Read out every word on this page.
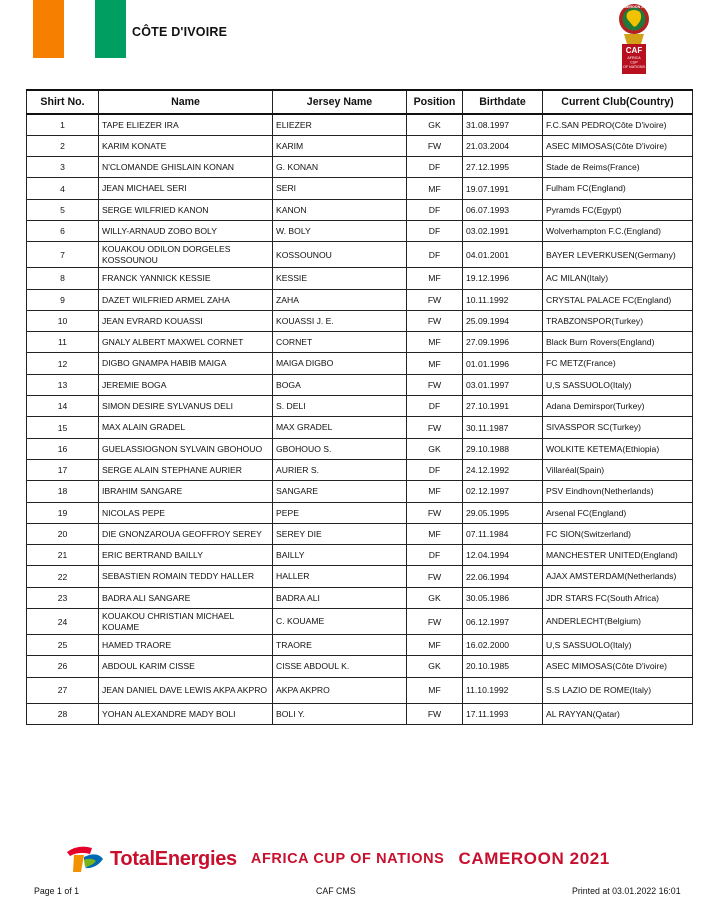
CÔTE D'IVOIRE
CAMEROON 2021
CAF
AFRICA
CUP
OF NATIONS
Shirt No.	Name	Jersey Name	Position	Birthdate	Current Club(Country)
1	TAPE ELIEZER IRA	ELIEZER	GK	31.08.1997	F.C.SAN PEDRO(Côte D'ivoire)
2	KARIM KONATE	KARIM	FW	21.03.2004	ASEC MIMOSAS(Côte D'ivoire)
3	N'CLOMANDE GHISLAIN KONAN	G. KONAN	DF	27.12.1995	Stade de Reims(France)
4	JEAN MICHAEL SERI	SERI	MF	19.07.1991	Fulham FC(England)
5	SERGE WILFRIED KANON	KANON	DF	06.07.1993	Pyramds FC(Egypt)
6	WILLY-ARNAUD ZOBO BOLY	W. BOLY	DF	03.02.1991	Wolverhampton F.C.(England)
7	KOUAKOU ODILON DORGELES KOSSOUNOU	KOSSOUNOU	DF	04.01.2001	BAYER LEVERKUSEN(Germany)
8	FRANCK YANNICK KESSIE	KESSIE	MF	19.12.1996	AC MILAN(Italy)
9	DAZET WILFRIED ARMEL ZAHA	ZAHA	FW	10.11.1992	CRYSTAL PALACE FC(England)
10	JEAN EVRARD KOUASSI	KOUASSI J. E.	FW	25.09.1994	TRABZONSPOR(Turkey)
11	GNALY ALBERT MAXWEL CORNET	CORNET	MF	27.09.1996	Black Burn Rovers(England)
12	DIGBO GNAMPA HABIB MAIGA	MAIGA DIGBO	MF	01.01.1996	FC METZ(France)
13	JEREMIE BOGA	BOGA	FW	03.01.1997	U,S SASSUOLO(Italy)
14	SIMON DESIRE SYLVANUS DELI	S. DELI	DF	27.10.1991	Adana Demirspor(Turkey)
15	MAX ALAIN GRADEL	MAX GRADEL	FW	30.11.1987	SIVASSPOR SC(Turkey)
16	GUELASSIOGNON SYLVAIN GBOHOUO	GBOHOUO S.	GK	29.10.1988	WOLKITE KETEMA(Ethiopia)
17	SERGE ALAIN STEPHANE AURIER	AURIER S.	DF	24.12.1992	Villaréal(Spain)
18	IBRAHIM SANGARE	SANGARE	MF	02.12.1997	PSV Eindhovn(Netherlands)
19	NICOLAS PEPE	PEPE	FW	29.05.1995	Arsenal FC(England)
20	DIE GNONZAROUA GEOFFROY SEREY	SEREY DIE	MF	07.11.1984	FC SION(Switzerland)
21	ERIC BERTRAND BAILLY	BAILLY	DF	12.04.1994	MANCHESTER UNITED(England)
22	SEBASTIEN ROMAIN TEDDY HALLER	HALLER	FW	22.06.1994	AJAX AMSTERDAM(Netherlands)
23	BADRA ALI SANGARE	BADRA ALI	GK	30.05.1986	JDR STARS FC(South Africa)
24	KOUAKOU CHRISTIAN MICHAEL KOUAME	C. KOUAME	FW	06.12.1997	ANDERLECHT(Belgium)
25	HAMED TRAORE	TRAORE	MF	16.02.2000	U,S SASSUOLO(Italy)
26	ABDOUL KARIM CISSE	CISSE ABDOUL K.	GK	20.10.1985	ASEC MIMOSAS(Côte D'ivoire)
27	JEAN DANIEL DAVE LEWIS AKPA AKPRO	AKPA AKPRO	MF	11.10.1992	S.S LAZIO DE ROME(Italy)
28	YOHAN ALEXANDRE MADY BOLI	BOLI Y.	FW	17.11.1993	AL RAYYAN(Qatar)
TotalEnergies AFRICA CUP OF NATIONS CAMEROON 2021
Page 1 of 1	CAF CMS	Printed at 03.01.2022 16:01
